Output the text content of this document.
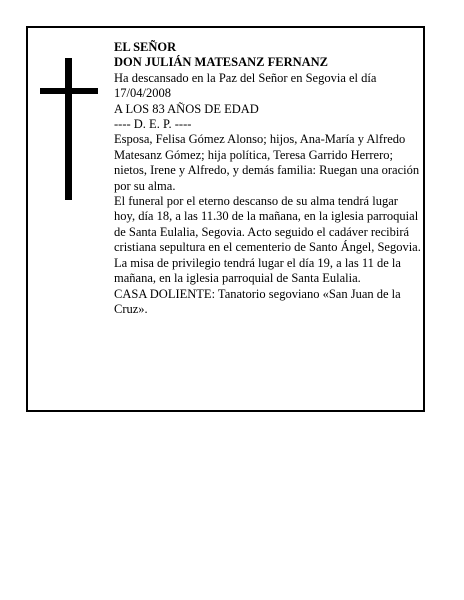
EL SEÑOR
DON JULIÁN MATESANZ FERNANZ
Ha descansado en la Paz del Señor en Segovia el día 17/04/2008
A LOS 83 AÑOS DE EDAD
---- D. E. P. ----
Esposa, Felisa Gómez Alonso; hijos, Ana-María y Alfredo Matesanz Gómez; hija política, Teresa Garrido Herrero; nietos, Irene y Alfredo, y demás familia: Ruegan una oración por su alma.
El funeral por el eterno descanso de su alma tendrá lugar hoy, día 18, a las 11.30 de la mañana, en la iglesia parroquial de Santa Eulalia, Segovia. Acto seguido el cadáver recibirá cristiana sepultura en el cementerio de Santo Ángel, Segovia. La misa de privilegio tendrá lugar el día 19, a las 11 de la mañana, en la iglesia parroquial de Santa Eulalia.
CASA DOLIENTE: Tanatorio segoviano «San Juan de la Cruz».
